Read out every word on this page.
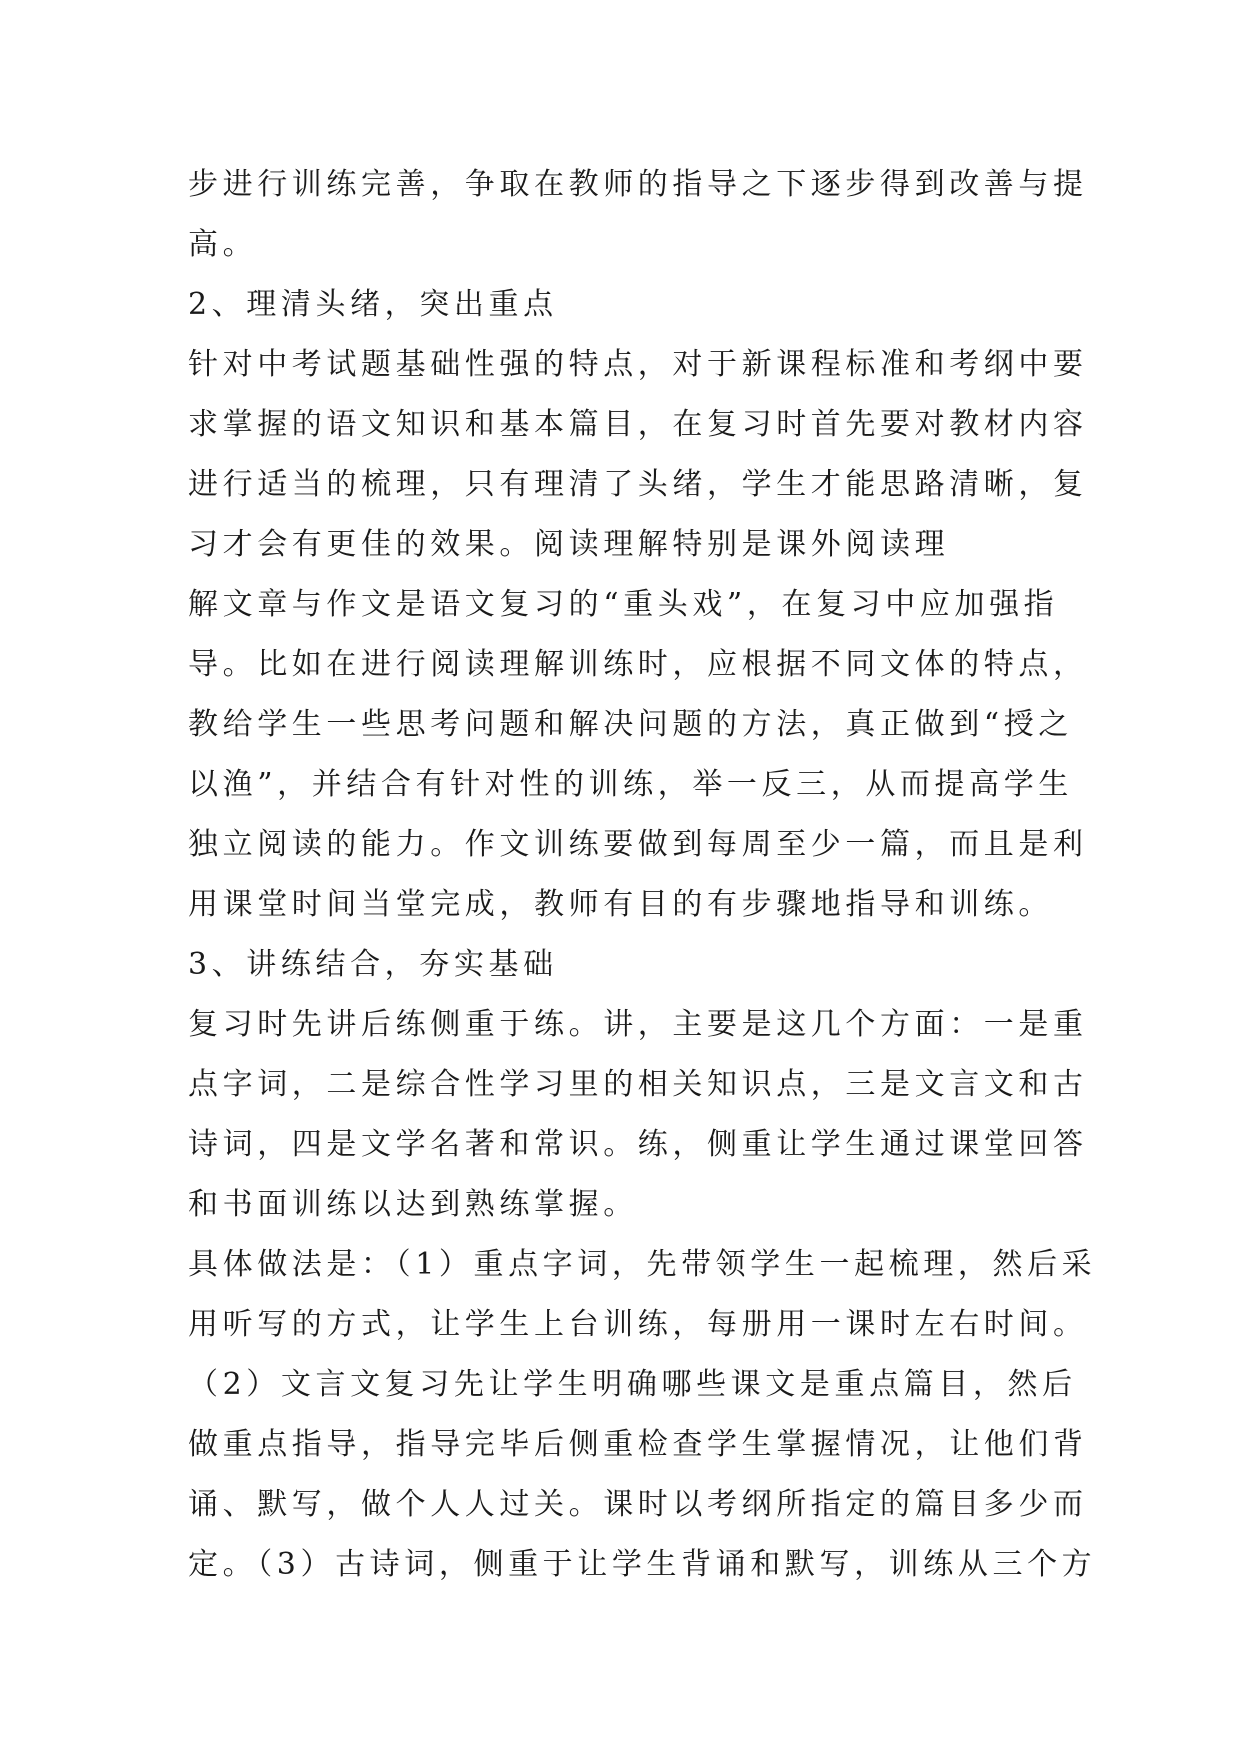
步进行训练完善，争取在教师的指导之下逐步得到改善与提
高。
2、理清头绪，突出重点
针对中考试题基础性强的特点，对于新课程标准和考纲中要
求掌握的语文知识和基本篇目，在复习时首先要对教材内容
进行适当的梳理，只有理清了头绪，学生才能思路清晰，复
习才会有更佳的效果。阅读理解特别是课外阅读理
解文章与作文是语文复习的“重头戏”，在复习中应加强指
导。比如在进行阅读理解训练时，应根据不同文体的特点，
教给学生一些思考问题和解决问题的方法，真正做到“授之
以渔”，并结合有针对性的训练，举一反三，从而提高学生
独立阅读的能力。作文训练要做到每周至少一篇，而且是利
用课堂时间当堂完成，教师有目的有步骤地指导和训练。
3、讲练结合，夯实基础
复习时先讲后练侧重于练。讲，主要是这几个方面：一是重
点字词，二是综合性学习里的相关知识点，三是文言文和古
诗词，四是文学名著和常识。练，侧重让学生通过课堂回答
和书面训练以达到熟练掌握。
具体做法是：（1）重点字词，先带领学生一起梳理，然后采
用听写的方式，让学生上台训练，每册用一课时左右时间。
（2）文言文复习先让学生明确哪些课文是重点篇目，然后
做重点指导，指导完毕后侧重检查学生掌握情况，让他们背
诵、默写，做个人人过关。课时以考纲所指定的篇目多少而
定。（3）古诗词，侧重于让学生背诵和默写，训练从三个方
